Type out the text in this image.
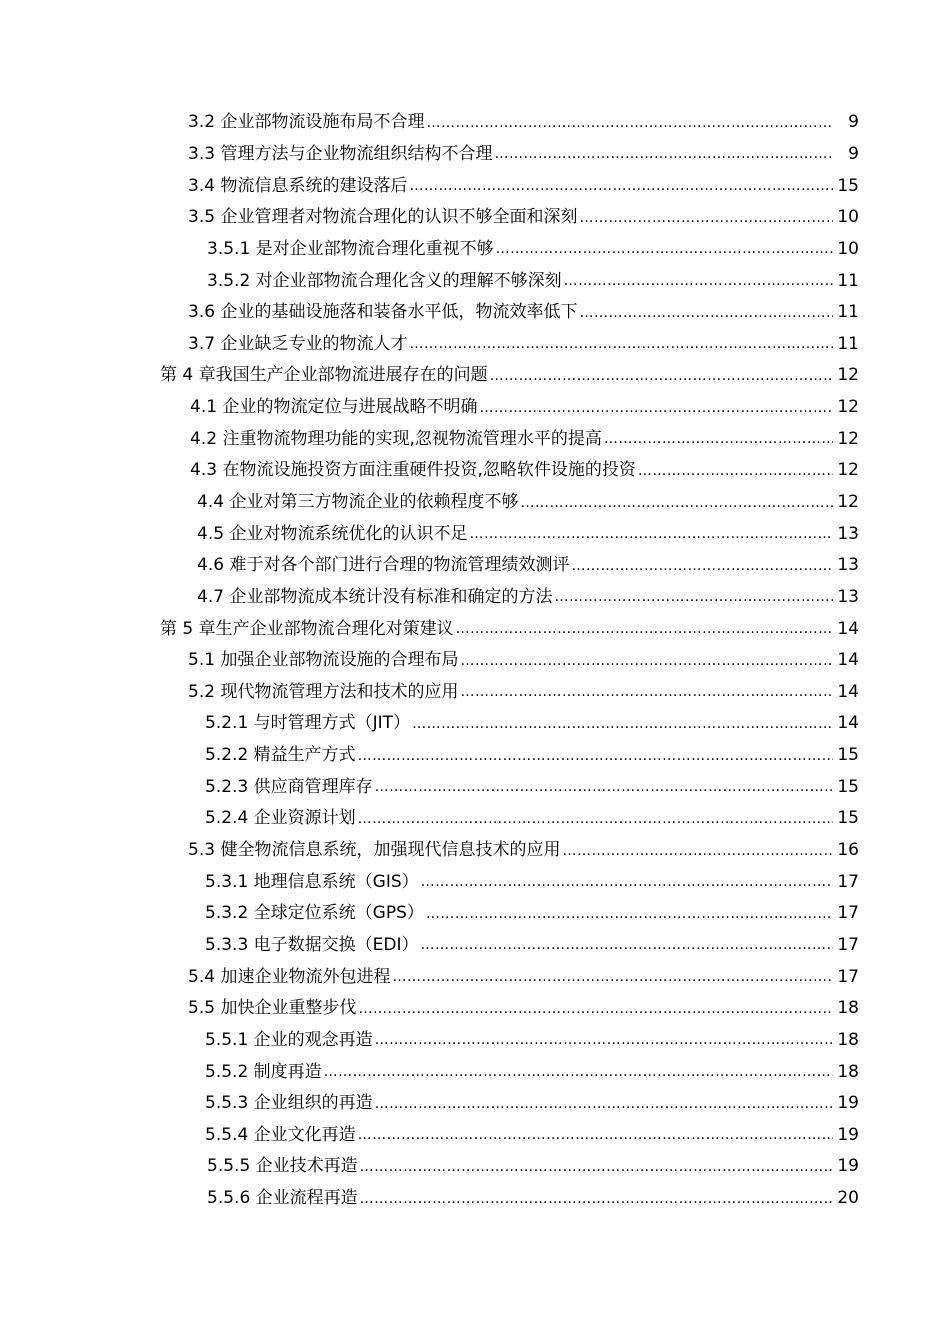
3.2 企业部物流设施布局不合理 …………………………………………………………………………………………………………………………………………………………………………………………………	9
3.3 管理方法与企业物流组织结构不合理 …………………………………………………………………………………………………………………………………………………………………………………………………	9
3.4 物流信息系统的建设落后 …………………………………………………………………………………………………………………………………………………………………………………………………	15
3.5 企业管理者对物流合理化的认识不够全面和深刻 …………………………………………………………………………………………………………………………………………………………………………………………………	10
3.5.1 是对企业部物流合理化重视不够 …………………………………………………………………………………………………………………………………………………………………………………………………	10
3.5.2 对企业部物流合理化含义的理解不够深刻 …………………………………………………………………………………………………………………………………………………………………………………………………	11
3.6 企业的基础设施落和装备水平低，物流效率低下 …………………………………………………………………………………………………………………………………………………………………………………………………	11
3.7 企业缺乏专业的物流人才 …………………………………………………………………………………………………………………………………………………………………………………………………	11
第 4 章我国生产企业部物流进展存在的问题 …………………………………………………………………………………………………………………………………………………………………………………………………	12
4.1 企业的物流定位与进展战略不明确 …………………………………………………………………………………………………………………………………………………………………………………………………	12
4.2 注重物流物理功能的实现,忽视物流管理水平的提高 …………………………………………………………………………………………………………………………………………………………………………………………………	12
4.3 在物流设施投资方面注重硬件投资,忽略软件设施的投资 …………………………………………………………………………………………………………………………………………………………………………………………………	12
4.4 企业对第三方物流企业的依赖程度不够 …………………………………………………………………………………………………………………………………………………………………………………………………	12
4.5 企业对物流系统优化的认识不足 …………………………………………………………………………………………………………………………………………………………………………………………………	13
4.6 难于对各个部门进行合理的物流管理绩效测评 …………………………………………………………………………………………………………………………………………………………………………………………………	13
4.7 企业部物流成本统计没有标准和确定的方法 …………………………………………………………………………………………………………………………………………………………………………………………………	13
第 5 章生产企业部物流合理化对策建议 …………………………………………………………………………………………………………………………………………………………………………………………………	14
5.1 加强企业部物流设施的合理布局 …………………………………………………………………………………………………………………………………………………………………………………………………	14
5.2 现代物流管理方法和技术的应用 …………………………………………………………………………………………………………………………………………………………………………………………………	14
5.2.1 与时管理方式（JIT） …………………………………………………………………………………………………………………………………………………………………………………………………	14
5.2.2 精益生产方式 …………………………………………………………………………………………………………………………………………………………………………………………………	15
5.2.3 供应商管理库存 …………………………………………………………………………………………………………………………………………………………………………………………………	15
5.2.4 企业资源计划 …………………………………………………………………………………………………………………………………………………………………………………………………	15
5.3 健全物流信息系统，加强现代信息技术的应用 …………………………………………………………………………………………………………………………………………………………………………………………………	16
5.3.1 地理信息系统（GIS） …………………………………………………………………………………………………………………………………………………………………………………………………	17
5.3.2 全球定位系统（GPS） …………………………………………………………………………………………………………………………………………………………………………………………………	17
5.3.3 电子数据交换（EDI） …………………………………………………………………………………………………………………………………………………………………………………………………	17
5.4 加速企业物流外包进程 …………………………………………………………………………………………………………………………………………………………………………………………………	17
5.5 加快企业重整步伐 …………………………………………………………………………………………………………………………………………………………………………………………………	18
5.5.1 企业的观念再造 …………………………………………………………………………………………………………………………………………………………………………………………………	18
5.5.2 制度再造 …………………………………………………………………………………………………………………………………………………………………………………………………	18
5.5.3 企业组织的再造 …………………………………………………………………………………………………………………………………………………………………………………………………	19
5.5.4 企业文化再造 …………………………………………………………………………………………………………………………………………………………………………………………………	19
5.5.5 企业技术再造 …………………………………………………………………………………………………………………………………………………………………………………………………	19
5.5.6 企业流程再造 …………………………………………………………………………………………………………………………………………………………………………………………………	20
